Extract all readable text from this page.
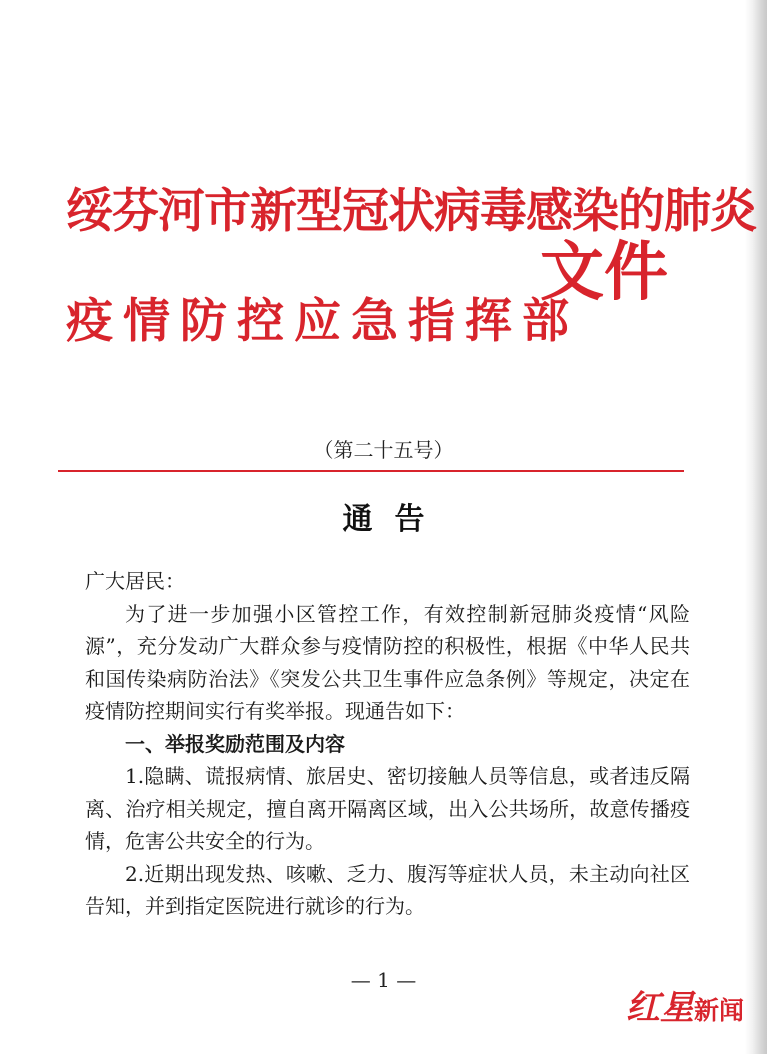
绥芬河市新型冠状病毒感染的肺炎
疫情防控应急指挥部
文件
（第二十五号）
通告

广大居民：

为了进一步加强小区管控工作，有效控制新冠肺炎疫情“风险源”，充分发动广大群众参与疫情防控的积极性，根据《中华人民共和国传染病防治法》《突发公共卫生事件应急条例》等规定，决定在疫情防控期间实行有奖举报。现通告如下：

一、举报奖励范围及内容

1.隐瞒、谎报病情、旅居史、密切接触人员等信息，或者违反隔离、治疗相关规定，擅自离开隔离区域，出入公共场所，故意传播疫情，危害公共安全的行为。

2.近期出现发热、咳嗽、乏力、腹泻等症状人员，未主动向社区告知，并到指定医院进行就诊的行为。

— 1 —
红星新闻
